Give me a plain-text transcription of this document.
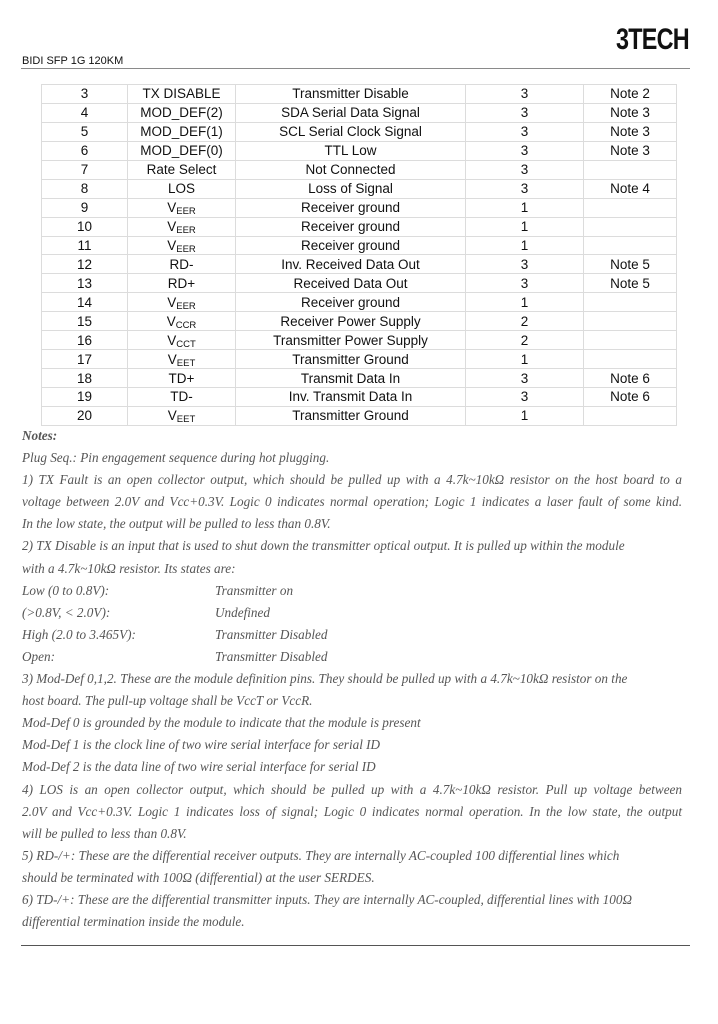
BIDI SFP 1G 120KM
3TECH
3	TX DISABLE	Transmitter Disable	3	Note 2
4	MOD_DEF(2)	SDA Serial Data Signal	3	Note 3
5	MOD_DEF(1)	SCL Serial Clock Signal	3	Note 3
6	MOD_DEF(0)	TTL Low	3	Note 3
7	Rate Select	Not Connected	3	
8	LOS	Loss of Signal	3	Note 4
9	$V_{EER}$	Receiver ground	1	
10	$V_{EER}$	Receiver ground	1	
11	$V_{EER}$	Receiver ground	1	
12	RD-	Inv. Received Data Out	3	Note 5
13	RD+	Received Data Out	3	Note 5
14	$V_{EER}$	Receiver ground	1	
15	$V_{CCR}$	Receiver Power Supply	2	
16	$V_{CCT}$	Transmitter Power Supply	2	
17	$V_{EET}$	Transmitter Ground	1	
18	TD+	Transmit Data In	3	Note 6
19	TD-	Inv. Transmit Data In	3	Note 6
20	$V_{EET}$	Transmitter Ground	1	
Notes:
Plug Seq.: Pin engagement sequence during hot plugging.
1) TX Fault is an open collector output, which should be pulled up with a 4.7k~10kΩ resistor on the host board to a
voltage between 2.0V and Vcc+0.3V. Logic 0 indicates normal operation; Logic 1 indicates a laser fault of some kind.
In the low state, the output will be pulled to less than 0.8V.
2) TX Disable is an input that is used to shut down the transmitter optical output. It is pulled up within the module
with a 4.7k~10kΩ resistor. Its states are:
Low (0 to 0.8V):	Transmitter on
(>0.8V, < 2.0V):	Undefined
High (2.0 to 3.465V):	Transmitter Disabled
Open:	Transmitter Disabled
3) Mod-Def 0,1,2. These are the module definition pins. They should be pulled up with a 4.7k~10kΩ resistor on the
host board. The pull-up voltage shall be VccT or VccR.
Mod-Def 0 is grounded by the module to indicate that the module is present
Mod-Def 1 is the clock line of two wire serial interface for serial ID
Mod-Def 2 is the data line of two wire serial interface for serial ID
4) LOS is an open collector output, which should be pulled up with a 4.7k~10kΩ resistor. Pull up voltage between
2.0V and Vcc+0.3V. Logic 1 indicates loss of signal; Logic 0 indicates normal operation. In the low state, the output
will be pulled to less than 0.8V.
5) RD-/+: These are the differential receiver outputs. They are internally AC-coupled 100 differential lines which
should be terminated with 100Ω (differential) at the user SERDES.
6) TD-/+: These are the differential transmitter inputs. They are internally AC-coupled, differential lines with 100Ω
differential termination inside the module.
